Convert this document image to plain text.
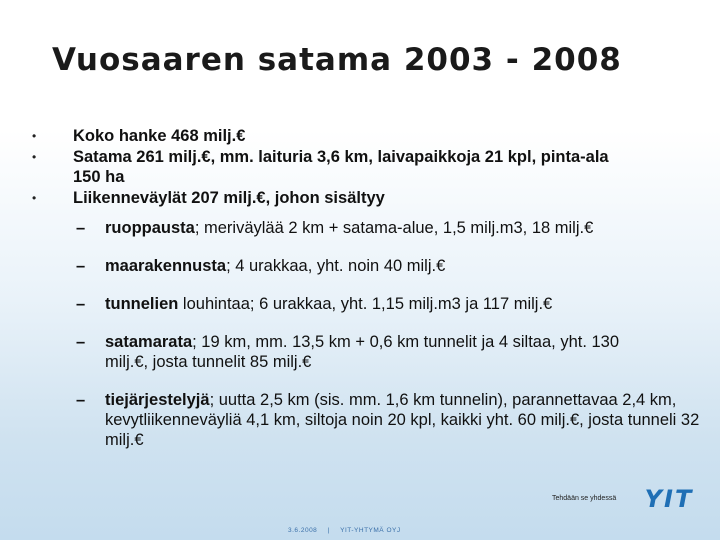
Vuosaaren satama 2003 - 2008
•	Koko hanke 468 milj.€
•	Satama 261 milj.€, mm. laituria 3,6 km, laivapaikkoja 21 kpl, pinta-ala 150 ha
•	Liikenneväylät 207 milj.€, johon sisältyy
–	ruoppausta; meriväylää 2 km + satama-alue, 1,5 milj.m3, 18 milj.€
–	maarakennusta; 4 urakkaa, yht. noin 40 milj.€
–	tunnelien louhintaa; 6 urakkaa, yht. 1,15 milj.m3 ja 117 milj.€
–	satamarata; 19 km, mm. 13,5 km + 0,6 km tunnelit ja 4 siltaa, yht. 130 milj.€, josta tunnelit 85 milj.€
–	tiejärjestelyjä; uutta 2,5 km (sis. mm. 1,6 km tunnelin), parannettavaa 2,4 km, kevytliikenneväyliä 4,1 km, siltoja noin 20 kpl, kaikki yht. 60 milj.€, josta tunneli 32 milj.€
Tehdään se yhdessä YIT
3.6.2008 | YIT-YHTYMÄ OYJ
